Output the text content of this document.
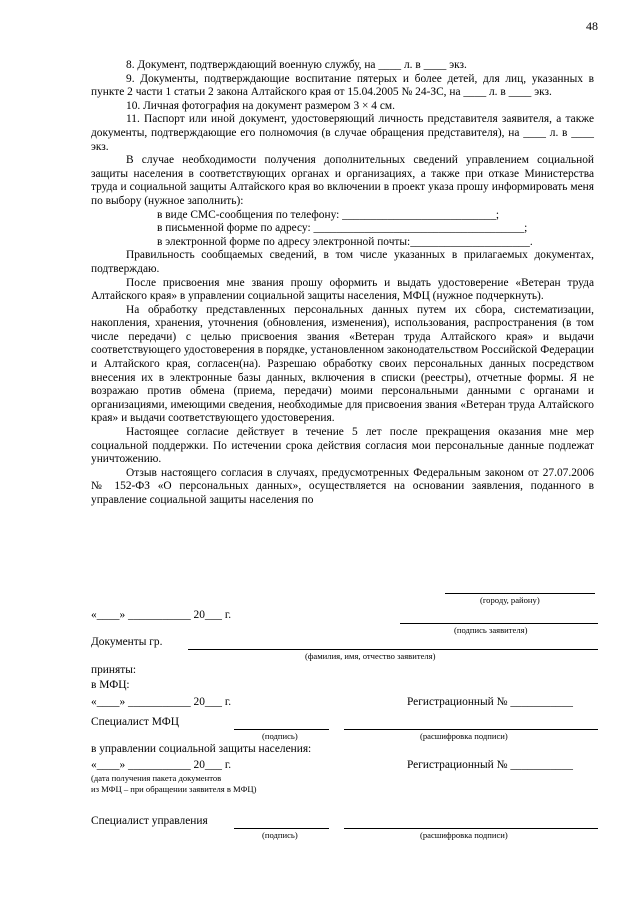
48

8. Документ, подтверждающий военную службу, на ____ л. в ____ экз.

9. Документы, подтверждающие воспитание пятерых и более детей, для лиц, указанных в пункте 2 части 1 статьи 2 закона Алтайского края от 15.04.2005 № 24-ЗС, на ____ л. в ____ экз.

10. Личная фотография на документ размером 3 × 4 см.

11. Паспорт или иной документ, удостоверяющий личность представителя заявителя, а также документы, подтверждающие его полномочия (в случае обращения представителя), на ____ л. в ____ экз.

В случае необходимости получения дополнительных сведений управлением социальной защиты населения в соответствующих органах и организациях, а также при отказе Министерства труда и социальной защиты Алтайского края во включении в проект указа прошу информировать меня по выбору (нужное заполнить):

в виде СМС-сообщения по телефону: ___________________________;

в письменной форме по адресу: _____________________________________;

в электронной форме по адресу электронной почты:_____________________.

Правильность сообщаемых сведений, в том числе указанных в прилагаемых документах, подтверждаю.

После присвоения мне звания прошу оформить и выдать удостоверение «Ветеран труда Алтайского края» в управлении социальной защиты населения, МФЦ (нужное подчеркнуть).

На обработку представленных персональных данных путем их сбора, систематизации, накопления, хранения, уточнения (обновления, изменения), использования, распространения (в том числе передачи) с целью присвоения звания «Ветеран труда Алтайского края» и выдачи соответствующего удостоверения в порядке, установленном законодательством Российской Федерации и Алтайского края, согласен(на). Разрешаю обработку своих персональных данных посредством внесения их в электронные базы данных, включения в списки (реестры), отчетные формы. Я не возражаю против обмена (приема, передачи) моими персональными данными с органами и организациями, имеющими сведения, необходимые для присвоения звания «Ветеран труда Алтайского края» и выдачи соответствующего удостоверения.

Настоящее согласие действует в течение 5 лет после прекращения оказания мне мер социальной поддержки. По истечении срока действия согласия мои персональные данные подлежат уничтожению.

Отзыв настоящего согласия в случаях, предусмотренных Федеральным законом от 27.07.2006 № 152-ФЗ «О персональных данных», осуществляется на основании заявления, поданного в управление социальной защиты населения по

(городу, району)
«____» ___________ 20___ г.
(подпись заявителя)
Документы гр.
(фамилия, имя, отчество заявителя)
приняты:
в МФЦ:
«____» ___________ 20___ г.	Регистрационный № ___________
Специалист МФЦ
(подпись)	(расшифровка подписи)
в управлении социальной защиты населения:
«____» ___________ 20___ г.	Регистрационный № ___________
(дата получения пакета документов
из МФЦ – при обращении заявителя в МФЦ)
Специалист управления
(подпись)	(расшифровка подписи)
